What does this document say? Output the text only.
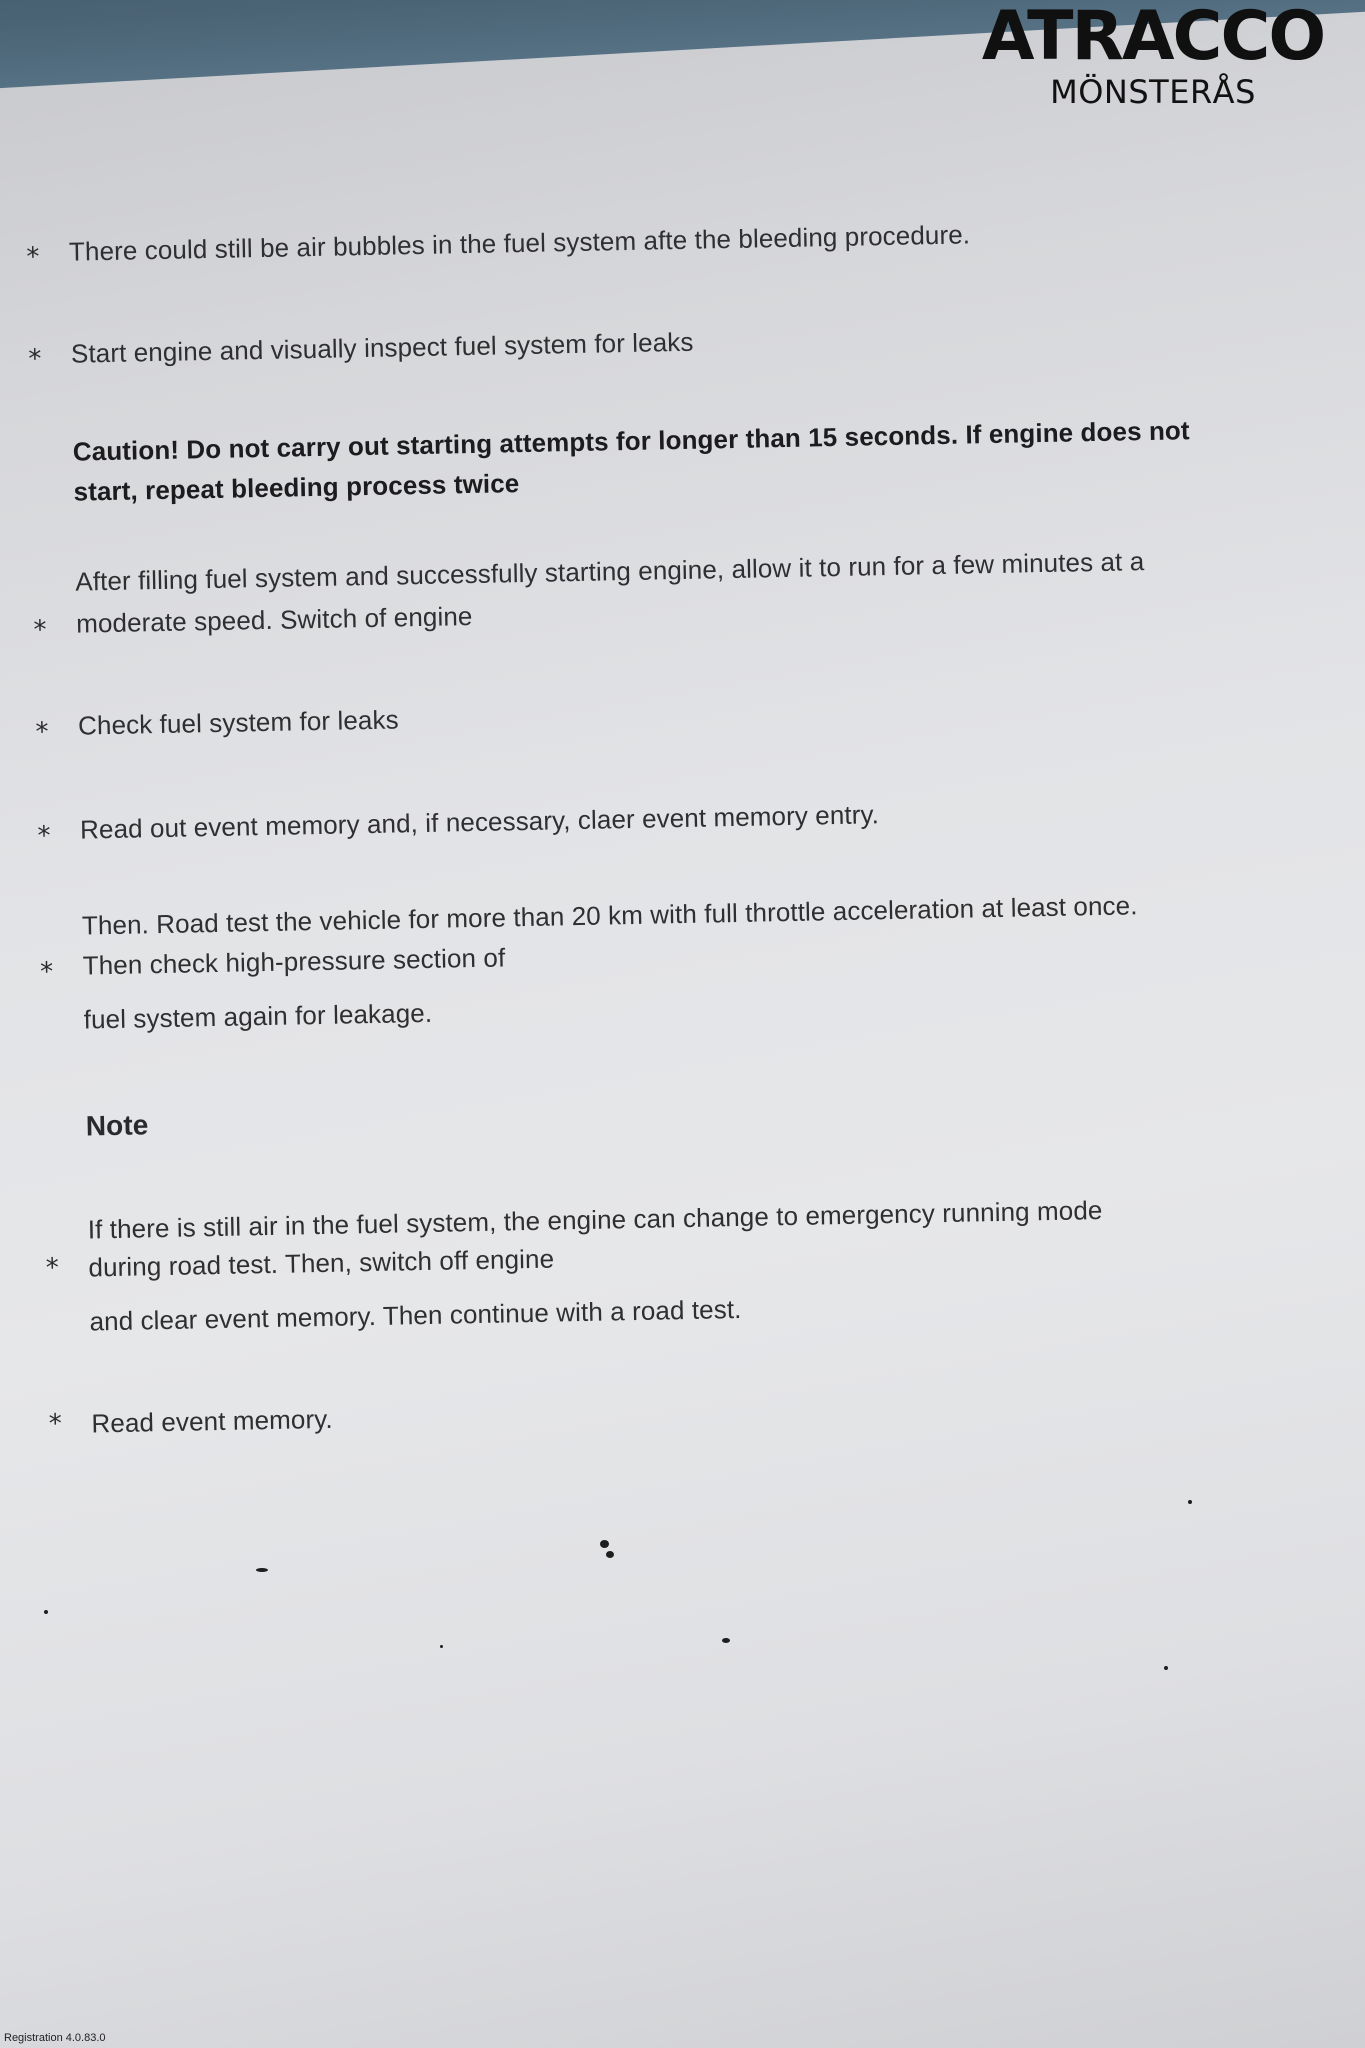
* There could still be air bubbles in the fuel system afte the bleeding procedure.
* Start engine and visually inspect fuel system for leaks
Caution! Do not carry out starting attempts for longer than 15 seconds. If engine does not
start, repeat bleeding process twice
After filling fuel system and successfully starting engine, allow it to run for a few minutes at a
* moderate speed. Switch of engine
* Check fuel system for leaks
* Read out event memory and, if necessary, claer event memory entry.
Then. Road test the vehicle for more than 20 km with full throttle acceleration at least once.
* Then check high-pressure section of
fuel system again for leakage.
Note
If there is still air in the fuel system, the engine can change to emergency running mode
* during road test. Then, switch off engine
and clear event memory. Then continue with a road test.
* Read event memory.
ATRACCO
MÖNSTERÅS
Registration 4.0.83.0
